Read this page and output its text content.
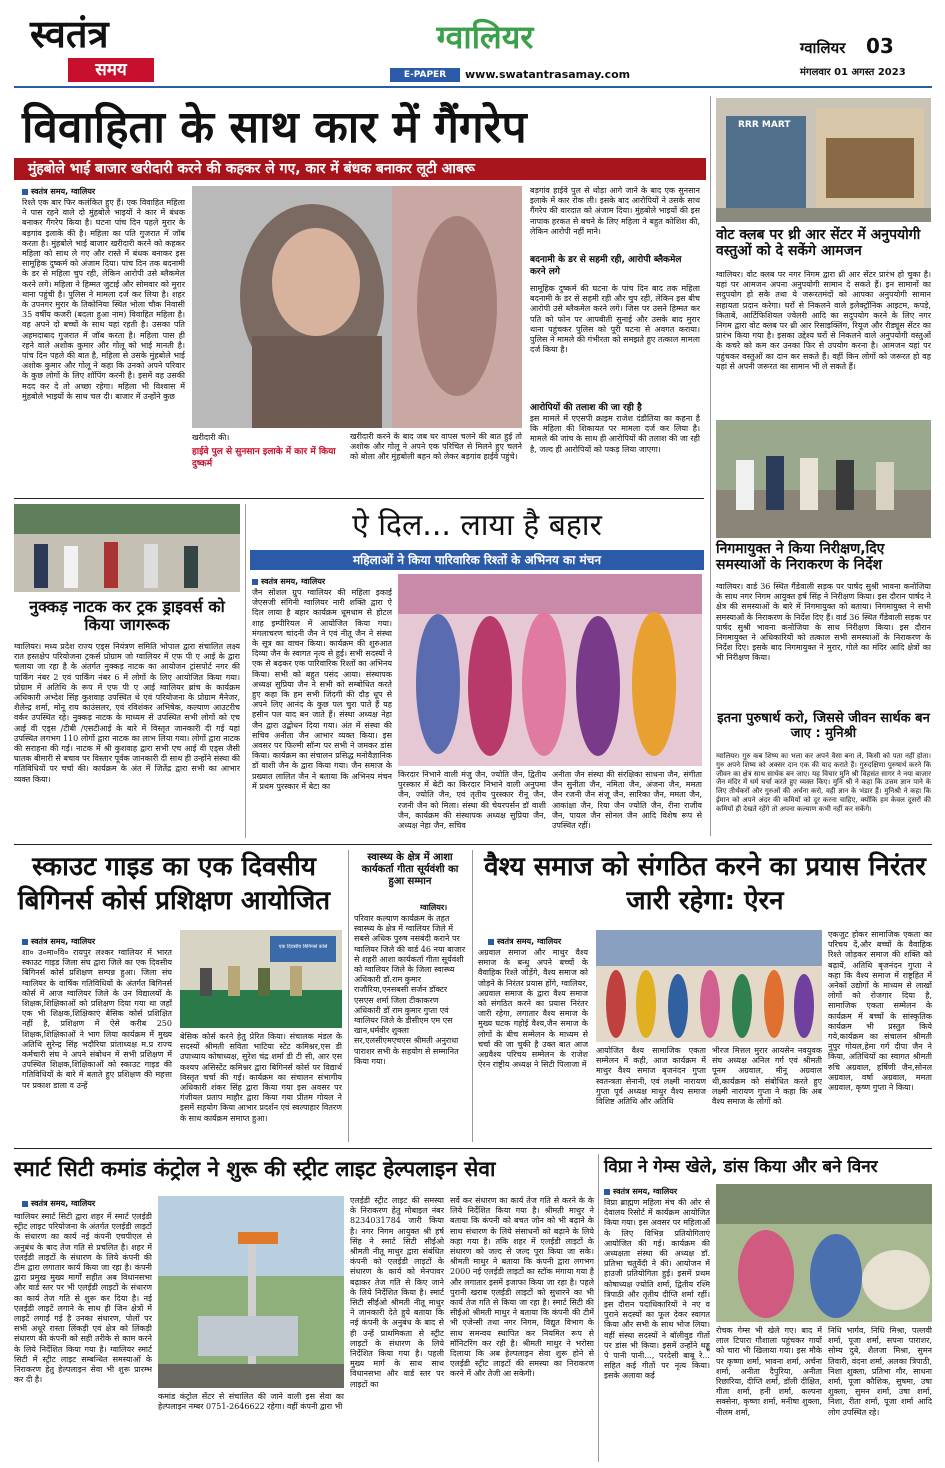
स्वतंत्र
समय
ग्वालियर
E-PAPER	www.swatantrasamay.com
ग्वालियर 03
मंगलवार 01 अगस्त 2023
विवाहिता के साथ कार में गैंगरेप
मुंहबोले भाई बाजार खरीदारी करने की कहकर ले गए, कार में बंधक बनाकर लूटी आबरू
स्वतंत्र समय, ग्वालियर
रिश्ते एक बार फिर कलंकित हुए हैं। एक विवाहित महिला ने पास रहने वाले दो मुंहबोले भाइयों ने कार में बंधक बनाकर गैंगरेप किया है। घटना पांच दिन पहले मुरार के बड़गांव इलाके की है। महिला का पति गुजरात में जॉब करता है। मुंहबोले भाई बाजार खरीदारी करने को कहकर महिला को साथ ले गए और रास्ते में बंधक बनाकर इस सामूहिक दुष्कर्म को अंजाम दिया। पांच दिन तक बदनामी के डर से महिला चुप रही, लेकिन आरोपी उसे ब्लैकमेल करने लगे। महिला ने हिम्मत जुटाई और सोमवार को मुरार थाना पहुंची है। पुलिस ने मामला दर्ज कर लिया है। शहर के उपनगर मुरार के तिकोनिया स्थित भोला चौक निवासी 35 वर्षीय कजरी (बदला हुआ नाम) विवाहित महिला है। वह अपने दो बच्चों के साथ यहां रहती है। उसका पति अहमदाबाद गुजरात में जॉब करता है। महिला पास ही रहने वाले अशोक कुमार और गोलू को भाई मानती है। पांच दिन पहले की बात है, महिला से उसके मुंहबोले भाई अशोक कुमार और गोलू ने कहा कि उनको अपने परिवार के कुछ लोगों के लिए शॉपिंग करनी है। इसमें वह उसकी मदद कर दे तो अच्छा रहेगा। महिला भी विश्वास में मुंहबोले भाइयों के साथ चल दी। बाजार में उन्होंने कुछ
खरीदारी की।
हाईवे पुल से सुनसान इलाके में कार में किया दुष्कर्म
खरीदारी करने के बाद जब घर वापस चलने की बात हुई तो अशोक और गोलू ने अपने एक परिचित से मिलने हुए चलने को बोला और मुंहबोली बहन को लेकर बड़गांव हाईवे पहुंचे।
बड़गांव हाईवे पुल से थोड़ा आगे जाने के बाद एक सुनसान इलाके में कार रोक ली। इसके बाद आरोपियों ने उसके साथ गैंगरेप की वारदात को अंजाम दिया। मुंहबोले भाइयों की इस नापाक हरकत से बचने के लिए महिला ने बहुत कोशिश की, लेकिन आरोपी नहीं माने।
बदनामी के डर से सहमी रही, आरोपी ब्लैकमेल करने लगे
सामूहिक दुष्कर्म की घटना के पांच दिन बाद तक महिला बदनामी के डर से सहमी रही और चुप रही, लेकिन इस बीच आरोपी उसे ब्लैकमेल करने लगे। जिस पर उसने हिम्मत कर पति को फोन पर आपबीती सुनाई और उसके बाद मुरार थाना पहुंचकर पुलिस को पूरी घटना से अवगत कराया। पुलिस ने मामले की गंभीरता को समझते हुए तत्काल मामला दर्ज किया है।
आरोपियों की तलाश की जा रही है
इस मामले में एएसपी क्राइम राजेश दंडौतिया का कहना है कि महिला की शिकायत पर मामला दर्ज कर लिया है। मामले की जांच के साथ ही आरोपियों की तलाश की जा रही है, जल्द ही आरोपियों को पकड़ लिया जाएगा।
RRR MART
वोट क्लब पर थ्री आर सेंटर में अनुपयोगी वस्तुओं को दे सकेंगे आमजन
ग्वालियर। वोट क्लब पर नगर निगम द्वारा थ्री आर सेंटर प्रारंभ हो चुका है। यहां पर आमजन अपना अनुपयोगी सामान दे सकते हैं। इन सामानों का सदुपयोग हो सके तथा ये जरूरतमंदों को आपका अनुपयोगी सामान सहायता प्रदान करेगा। घरों से निकलने वाले इलेक्ट्रॉनिक आइटम, कपड़े, किताबें, आर्टिफिशियल ज्वेलरी आदि का सदुपयोग करने के लिए नगर निगम द्वारा वोट क्लब पर थ्री आर रिसाइक्लिंग, रियूज और रीड्यूस सेंटर का प्रारंभ किया गया है। इसका उद्देश्य घरों से निकलने वाले अनुपयोगी वस्तुओं के कचरे को कम कर उनका फिर से उपयोग करना है। आमजन यहां पर पहुंचकर वस्तुओं का दान कर सकते हैं। वहीं किन लोगों को जरूरत हो वह यहां से अपनी जरूरत का सामान भी ले सकते हैं।
निगमायुक्त ने किया निरीक्षण,दिए समस्याओं के निराकरण के निर्देश
ग्वालियर। वार्ड 36 स्थित गैंडेवाली सड़क पर पार्षद सुश्री भावना कनोजिया के साथ नगर निगम आयुक्त हर्ष सिंह ने निरीक्षण किया। इस दौरान पार्षद ने क्षेत्र की समस्याओं के बारे में निगमायुक्त को बताया। निगमायुक्त ने सभी समस्याओं के निराकरण के निर्देश दिए हैं। वार्ड 36 स्थित गैंडेवाली सड़क पर पार्षद सुश्री भावना कनोजिया के साथ निरीक्षण किया। इस दौरान निगमायुक्त ने अधिकारियों को तत्काल सभी समस्याओं के निराकरण के निर्देश दिए। इसके बाद निगमायुक्त ने मुरार, गोले का मंदिर आदि क्षेत्रों का भी निरीक्षण किया।
इतना पुरुषार्थ करो, जिससे जीवन सार्थक बन जाए : मुनिश्री
ग्वालियर। गुरु कब शिष्य का भला कर अपने वैसा बना ले, किसी को पता नहीं होता। गुरु अपने शिष्य को अक्सर दान एक की याद कराते हैं। गुरुदक्षिणा पुरुषार्थ करने कि जीवन का क्षेत्र साथ सार्थक बन जाए। यह विचार मुनि श्री विहसंत सागर ने नया बाजार जैन मंदिर में धर्म चर्चा करते हुए व्यक्त किए। मुनि श्री ने कहा कि उत्तम ज्ञान पाने के लिए तीर्थंकरों और गुरुओं की अर्चना करो, वही ज्ञान के भंडार हैं। मुनिश्री ने कहा कि ईमान को अपने अंदर की कमियों को दूर करना चाहिए, क्योंकि हम केवल दूसरों की कमियों ही देखते रहेंगे तो अपना कल्याण कभी नहीं कर सकेंगे।
नुक्कड़ नाटक कर ट्रक ड्राइवर्स को किया जागरूक
ग्वालियर। मध्य प्रदेश राज्य एड्स नियंत्रण समिति भोपाल द्वारा संचालित लक्ष्य रात हस्तक्षेप परियोजना ट्रकर्स प्रोग्राम जो ग्वालियर में एफ पी ए आई के द्वारा चलाया जा रहा है के अंतर्गत नुक्कड़ नाटक का आयोजन ट्रांसपोर्ट नगर की पार्किंग नंबर 2 एवं पार्किंग नंबर 6 में लोगों के लिए आयोजित किया गया। प्रोग्राम में अतिथि के रूप में एफ पी ए आई ग्वालियर ब्रांच के कार्यक्रम अधिकारी अभ्देश सिंह कुशवाह उपस्थित थे एवं परियोजना के प्रोग्राम मैनेजर, शैलेन्द्र शर्मा, मोनू राय काउंसलर, एवं रविशंकर अभिषेक, कल्याण आउटरीच वर्कर उपस्थित रहे। नुक्कड़ नाटक के माध्यम से उपस्थित सभी लोगों को एच आई वी एड्स /टीबी /एसटीआई के बारे में विस्तृत जानकारी दी गई यहां उपस्थित लगभग 110 लोगों द्वारा नाटक का लाभ लिया गया। लोगों द्वारा नाटक की सराहना की गई। नाटक में श्री कुशवाह द्वारा सभी एच आई वी एड्स जैसी घातक बीमारी से बचाव पर विस्तार पूर्वक जानकारी दी साथ ही उन्होंने संस्था की गतिविधियों पर चर्चा की। कार्यक्रम के अंत में जितेंद्र द्वारा सभी का आभार व्यक्त किया।
ऐ दिल... लाया है बहार
महिलाओं ने किया पारिवारिक रिश्तों के अभिनय का मंचन
स्वतंत्र समय, ग्वालियर
जैन सोशल ग्रुप ग्वालियर की महिला इकाई जेएसजी संगिनी ग्वालियर नारी शक्ति द्वारा ऐ दिल लाया है बहार कार्यक्रम धूमधाम से होटल शाह इम्पीरियल में आयोजित किया गया। मंगलाचरण चांदनी जैन ने एवं नीतू जैन ने संस्था के सूत्र का वाचन किया। कार्यक्रम की शुरुआत दिव्या जैन के स्वागत नृत्य से हुई। सभी सदस्यों ने एक से बढ़कर एक पारिवारिक रिश्तों का अभिनय किया। सभी को बहुत पसंद आया। संस्थापक अध्यक्ष सुप्रिया जैन ने सभी को सम्बोधित करते हुए कहा कि हम सभी जिंदगी की दौड़ धूप से अपने लिए आनंद के कुछ पल चुरा पाते हैं यह हसीन पल याद बन जाते हैं। संस्था अध्यक्ष नेहा जैन द्वारा उद्बोधन दिया गया। अंत में संस्था की सचिव अनीता जैन आभार व्यक्त किया। इस अवसर पर फिल्मी सॉन्ग पर सभी ने जमकर डांस किया। कार्यक्रम का संचालन प्रसिद्ध मनोवैज्ञानिक डॉ वाशी जैन के द्वारा किया गया। जैन समाज के प्रख्यात लालित जैन ने बताया कि अभिनय मंचन में प्रथम पुरस्कार में बेटा का
किरदार निभाने वाली मंजु जैन, ज्योति जैन, द्वितीय पुरस्कार में बेटी का किरदार निभाने वाली अनुपमा जैन, ज्योति जैन, एवं तृतीय पुरस्कार रीनू जैन, रजनी जैन को मिला। संस्था की चेयरपर्सन डॉ वाशी जैन, कार्यक्रम की संस्थापक अध्यक्ष सुप्रिया जैन, अध्यक्ष नेहा जैन, सचिव
अनीता जैन संस्था की संरक्षिका साधना जैन, संगीता जैन सुनीता जैन, नमिता जैन, अंजना जैन, ममता जैन रजनी जैन संजू जैन, सारिका जैन, ममता जैन, आकांक्षा जैन, रिया जैन ज्योति जैन, रीना राजीव जैन, पायल जैन सोनल जैन आदि विशेष रूप से उपस्थित रहीं।
स्काउट गाइड का एक दिवसीय बिगिनर्स कोर्स प्रशिक्षण आयोजित
स्वतंत्र समय, ग्वालियर
शा० उ०मा०वि० रायपुर लश्कर ग्वालियर में भारत स्काउट गाइड जिला संघ द्वारा जिले का एक दिवसीय बिगिनर्स कोर्स प्रशिक्षण सम्पन्न हुआ। जिला संघ ग्वालियर के वार्षिक गतिविधियों के अंतर्गत बिगिनर्स कोर्स में आज ग्वालियर जिले के उन विद्यालयों के शिक्षक,शिक्षिकाओं को प्रशिक्षण दिया गया था जहाँ एक भी शिक्षक,शिक्षिकाएं बेसिक कोर्स प्रशिक्षित नहीं है, प्रशिक्षण में ऐसे करीब 250 शिक्षक,शिक्षिकाओं ने भाग लिया कार्यक्रम में मुख्य अतिथि सुरेन्द्र सिंह भदौरिया प्रांताध्यक्ष म.प्र राज्य कर्मचारी संघ ने अपने संबोधन में सभी प्रशिक्षण में उपस्थित शिक्षक,शिक्षिकाओं को स्काउट गाइड की गतिविधियों के बारे में बताते हुए प्रशिक्षण की महत्ता पर प्रकाश डाला व उन्हें
एक दिवसीय बिगिनर्स कोर्स
बेसिक कोर्स करने हेतु प्रेरित किया। संचालक मंडल के सदस्यों श्रीमती सविता भाटिया स्टेट कमिश्नर,एस डी उपाध्याय कोषाध्यक्ष, सुरेश चंद्र शर्मा डी टी सी, आर एस कश्यप असिस्टेंट कमिश्नर द्वारा बिगिनर्स कोर्स पर विद्यार्थ विस्तृत चर्चा की गई। कार्यक्रम का संचालन संभागीय अधिकारी शंकर सिंह द्वारा किया गया इस अवसर पर गंजीयल प्रताप माहौर द्वारा किया गया प्रीतम गोयल ने इसमें सहयोग किया आभार प्रदर्शन एवं स्वल्पाहार वितरण के साथ कार्यक्रम समाप्त हुआ।
स्वास्थ्य के क्षेत्र में आशा कार्यकर्ता गीता सूर्यवंशी का हुआ सम्मान
ग्वालियर।
परिवार कल्याण कार्यक्रम के तहत स्वास्थ्य के क्षेत्र में ग्वालियर जिले में सबसे अधिक पुरुष नसबंदी कराने पर ग्वालियर जिले की वार्ड 46 नया बाजार से शहरी आशा कार्यकर्ता गीता सूर्यवंशी को ग्वालियर जिले के जिला स्वास्थ्य अधिकारी डॉ.राम कुमार राजौरिया,एनसबसी सर्जन डॉक्टर एसएस शर्मा जिला टीकाकरण अधिकारी डॉ राम कुमार गुप्ता एवं ग्वालियर जिले के डीसीएम एम एस खान,धर्मवीर शुक्ला सर,एलसीएमएचएस श्रीमती अनुराधा पाराशर सभी के सहयोग से सम्मानित किया गया।
वैश्य समाज को संगठित करने का प्रयास निरंतर जारी रहेगा: ऐरन
स्वतंत्र समय, ग्वालियर
अग्रवाल समाज और माथुर वैश्य समाज के बन्धु अपने बच्चों के वैवाहिक रिश्ते जोड़ेंगे, वैश्य समाज को जोड़ने के निरंतर प्रयास होंगे, ग्वालियर, अग्रवाल समाज के द्वारा वैश्य समाज को संगठित करने का प्रयास निरंतर जारी रहेगा, लगातार वैश्य समाज के मुख्य घटक गहोई वैश्य,जैन समाज के लोगों के बीच सम्मेलन के माध्यम से चर्चा की जा चुकी है उक्त बात आज अग्रवैश्य परिचय सम्मेलन के राजेश ऐरन राष्ट्रीय अध्यक्ष ने सिटी पिलाजा में
आयोजित वैश्य सामाजिक एकता सम्मेलन में कही, आज कार्यक्रम में माथुर वैश्य समाज बृजनंदन गुप्ता स्वतन्त्रता सेनानी, एवं लक्ष्मी नारायण गुप्ता पूर्व अध्यक्ष माथुर वैश्य समाज विशिष्ट अतिथि और अतिथि
भीरज मित्तल मुरार आयसेन नवयुवक संघ अध्यक्ष अनिल गर्ग एवं श्रीमती पूनम अग्रवाल, मीनू अग्रवाल थी,कार्यक्रम को संबोधित करते हुए लक्ष्मी नारायण गुप्ता ने कहा कि अब वैश्य समाज के लोगों को
एकजुट होकर सामाजिक एकता का परिचय दें,और बच्चों के वैवाहिक रिश्ते जोड़कर समाज की शक्ति को बढ़ायें, अतिथि बृजनंदन गुप्ता ने कहा कि वैश्य समाज में राष्ट्रहित में अनेकों उद्योगों के माध्यम से लाखों लोगों को रोजगार दिया है, सामाजिक एकता सम्मेलन के कार्यक्रम में बच्चों के सांस्कृतिक कार्यक्रम भी प्रस्तुत किये गये,कार्यक्रम का संचालन श्रीमती नुपुर गोयल,हेमा गर्ग दीपा जैन ने किया, अतिथियों का स्वागत श्रीमती रुचि अग्रवाल, हर्षिणी जैन,सोनल अग्रवाल, वर्षा अग्रवाल, ममता अग्रवाल, कृष्ण गुप्ता ने किया।
स्मार्ट सिटी कमांड कंट्रोल ने शुरू की स्ट्रीट लाइट हेल्पलाइन सेवा
स्वतंत्र समय, ग्वालियर
ग्वालियर स्मार्ट सिटी द्वारा शहर में स्मार्ट एलईडी स्ट्रीट लाइट परियोजना के अंतर्गत एलईडी लाइटों के संधारण का कार्य नई कंपनी एचपीएल से अनुबंध के बाद तेज गति से प्रचलित है। शहर में एलईडी लाइटों के संधारण के लिये कंपनी की टीम द्वारा लगातार कार्य किया जा रहा है। कंपनी द्वारा प्रमुख मुख्य मार्गों सहीत अब विधानसभा और वार्ड स्तर पर भी एलईडी लाइटों के संधारण का कार्य तेज गति से शुरू कर दिया है। नई एलईडी लाइटें लगाने के साथ ही जिन क्षेत्रों में लाइटें लगाई गई है उनका संधारण, पोलों पर सभी अधूरे रास्ता लिंकड़ी एवं क्षेत्र को लिंकड़ी संधारण की कंपनी को सही तरीके से काम करने के लिये निर्देशित किया गया है। ग्वालियर स्मार्ट सिटी में स्ट्रीट लाइट सम्बन्धित समस्याओं के निराकरण हेतु हेल्पलाइन सेवा भी शुरू प्रारम्भ कर दी है।
कमांड कंट्रोल सेंटर से संचालित की जाने वाली इस सेवा का हेल्पलाइन नम्बर 0751-2646622 रहेगा। वहीं कंपनी द्वारा भी
एलईडी स्ट्रीट लाइट की समस्या के निराकरण हेतु मोबाइल नंबर 8234031784 जारी किया है। नगर निगम आयुक्त श्री हर्ष सिंह ने स्मार्ट सिटी सीईओ श्रीमती नीतू माथुर द्वारा संबंधित कंपनी को एलईडी लाइटों के संधारण के कार्य को मेनपावर बढ़ाकर तेज गति से किए जाने के लिये निर्देशित किया है। स्मार्ट सिटी सीईओ श्रीमती नीतू माथुर ने जानकारी देते हुये बताया कि नई कंपनी के अनुबंध के बाद से ही उन्हें प्राथमिकता से स्ट्रीट लाइटों के संधारण के लिये निर्देशित किया गया है। पहली मुख्य मार्ग के साथ साथ विधानसभा और वार्ड स्तर पर लाइटों का
सर्वे कर संधारण का कार्य तेज गति से करने के के लिये निर्देशित किया गया है। श्रीमती माथुर ने बताया कि कंपनी को बचत जोन को भी बढ़ाने के साथ संधारण के लिये संसाधनों को बढ़ाने के लिये कहा गया है। तकि शहर में एलईडी लाइटों के संधारण को जल्द से जल्द पूरा किया जा सके। श्रीमती माथुर ने बताया कि कंपनी द्वारा लगभग 2000 नई एलईडी लाइटों का स्टॉक मंगाया गया है और लगातार इसमें इजाफा किया जा रहा है। पहले पुरानी खराब एलईडी लाइटों को सुधारने का भी कार्य तेज गति से किया जा रहा है। स्मार्ट सिटी की सीईओ श्रीमती माथुर ने बताया कि कंपनी की टीमें भी एजेन्सी तथा नगर निगम, विद्युत विभाग के साथ समन्वय स्थापित कर नियमित रूप से मॉनिटरिंग कर रही है। श्रीमती माथुर ने भरोसा दिलाया कि अब हेल्पलाइन सेवा शुरू होने से एलईडी स्ट्रीट लाइटों की समस्या का निराकरण करने में और तेजी आ सकेगी।
विप्रा ने गेम्स खेले, डांस किया और बने विनर
स्वतंत्र समय, ग्वालियर
विप्रा ब्राह्मण महिला मंच की ओर से देवालय रिसोर्ट में कार्यक्रम आयोजित किया गया। इस अवसर पर महिलाओं के लिए विभिन्न प्रतियोगिताएं आयोजित की गई। कार्यक्रम की अध्यक्षता संस्था की अध्यक्ष डॉ. प्रतिभा चतुर्वेदी ने की। आयोजन में हाउजी प्रतियोगिता हुई। इसमें प्रथम कोषाध्यक्ष ज्योति शर्मा, द्वितीय रश्मि त्रिपाठी और तृतीय दीप्ति शर्मा रहीं। इस दौरान पदाधिकारियों ने नए व पुराने सदस्यों का फूल देकर स्वागत किया और सभी के साथ भोज लिया। वहीं संस्था सदस्यों ने बॉलीवुड गीतों पर डांस भी किया। इसमें उन्होंने थड्ढू पे पानी पानी..., परदेसी बाबू रे... सहित कई गीतों पर नृत्य किया। इसके अलावा कई
रोचक गेम्स भी खेले गए। बाद में लाल टिपारा गौशाला पहुंचकर गायों को चारा भी खिलाया गया। इस मौके पर कृष्णा शर्मा, भावना शर्मा, अर्चना शर्मा, अनीता दैपुरिया, अनीता रिछारिया, दीप्ति शर्मा, डॉली दीक्षित, गीता शर्मा, हनी शर्मा, कल्पना सक्सेना, कृष्णा शर्मा, मनीषा शुक्ला, नीलम शर्मा,
निधि भार्गव, निधि मिश्रा, पल्लवी शर्मा, पूजा शर्मा, सपना पाराशर, सोम्य दुबे, शैलजा मिश्रा, सुमन तिवारी, वंदना शर्मा, अलका त्रिपाठी, निशा शुक्ला, प्रतिभा गौर, साधना शर्मा, पूजा कौशिक, सुषमा, उषा शुक्ला, सुमन शर्मा, उषा शर्मा, निशा, रीता शर्मा, पूजा शर्मा आदि लोग उपस्थित रहे।
